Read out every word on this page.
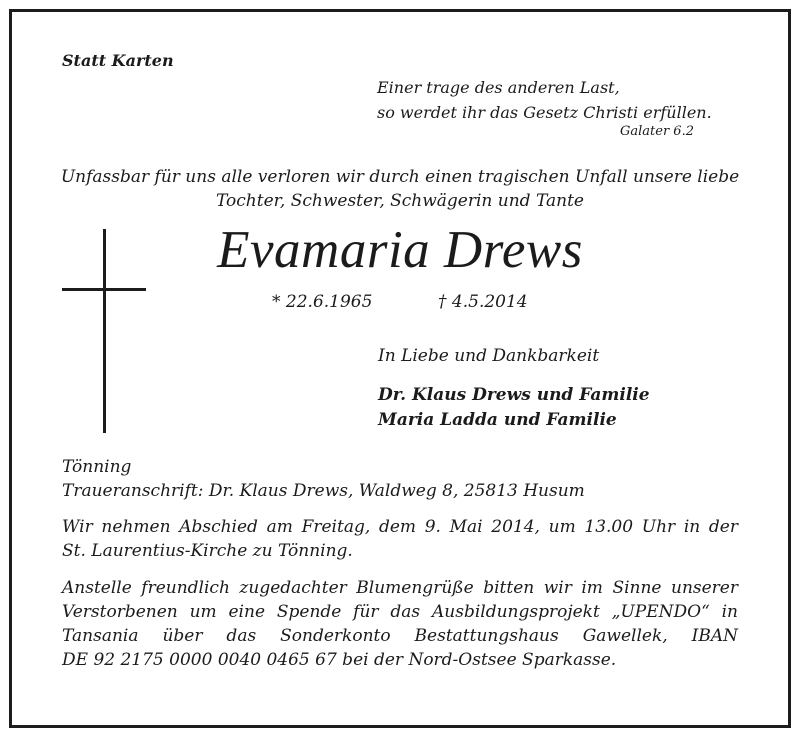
Statt Karten
Einer trage des anderen Last,
so werdet ihr das Gesetz Christi erfüllen.
Galater 6.2
Unfassbar für uns alle verloren wir durch einen tragischen Unfall unsere liebe
Tochter, Schwester, Schwägerin und Tante
Evamaria Drews
* 22.6.1965	† 4.5.2014
In Liebe und Dankbarkeit
Dr. Klaus Drews und Familie
Maria Ladda und Familie
Tönning
Traueranschrift: Dr. Klaus Drews, Waldweg 8, 25813 Husum
Wir nehmen Abschied am Freitag, dem 9. Mai 2014, um 13.00 Uhr in der
St. Laurentius-Kirche zu Tönning.
Anstelle freundlich zugedachter Blumengrüße bitten wir im Sinne unserer
Verstorbenen um eine Spende für das Ausbildungsprojekt „UPENDO“ in
Tansania über das Sonderkonto Bestattungshaus Gawellek, IBAN
DE 92 2175 0000 0040 0465 67 bei der Nord-Ostsee Sparkasse.
